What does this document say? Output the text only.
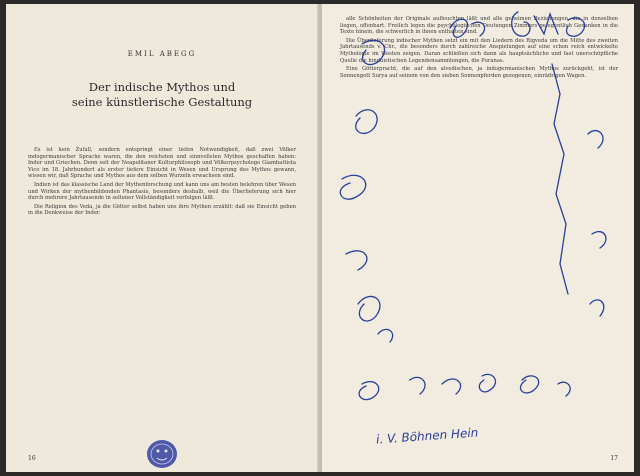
EMIL ABEGG
Der indische Mythos und
seine künstlerische Gestaltung

Es ist kein Zufall, sondern entspringt einer tiefen Notwendigkeit, daß zwei Völker indogermanischer Sprache waren, die den reichsten und sinnvollsten Mythos geschaffen haben: Inder und Griechen. Denn seit der Neapolitaner Kulturphilosoph und Völkerpsychologe Giambattista Vico im 18. Jahrhundert als erster tiefere Einsicht in Wesen und Ursprung des Mythos gewann, wissen wir, daß Sprache und Mythos aus dem selben Wurzeln erwachsen sind.

Indien ist das klassische Land der Mythenforschung und kann uns am besten belehren über Wesen und Wirken der mythenbildenden Phantasie, besonders deshalb, weil die Überlieferung sich hier durch mehrere Jahrtausende in seltener Vollständigkeit verfolgen läßt.

Die Religion des Veda, ja die Götter selbst haben uns ihre Mythen erzählt; daß sie Einsicht geben in die Denkweise der Inder.

16

alle Schönheiten der Originale aufleuchten läßt und alle geheimen Beziehungen, die in denselben liegen, offenbart. Freilich legen die psychologischen Deutungen Zimmers gelegentlich Gedanken in die Texte hinein, die schwerlich in ihnen enthalten sind.

Die Überlieferung indischer Mythen setzt ein mit den Liedern des Rigveda um die Mitte des zweiten Jahrtausends v. Chr., die besonders durch zahlreiche Anspielungen auf eine schon reich entwickelte Mythologie im Westen zeigen. Daran schließen sich dann als hauptsächliche und fast unerschöpfliche Quelle die hinduistischen Legendensammlungen, die Puranas.

Eine Götterpracht, die auf den alvedischen, ja indogermanischen Mythos zurückgeht, ist der Sonnengott Surya auf seinem von den sieben Sonnenpferden gezogenen, einrädrigen Wagen.

17
i. V. Böhnen Hein
